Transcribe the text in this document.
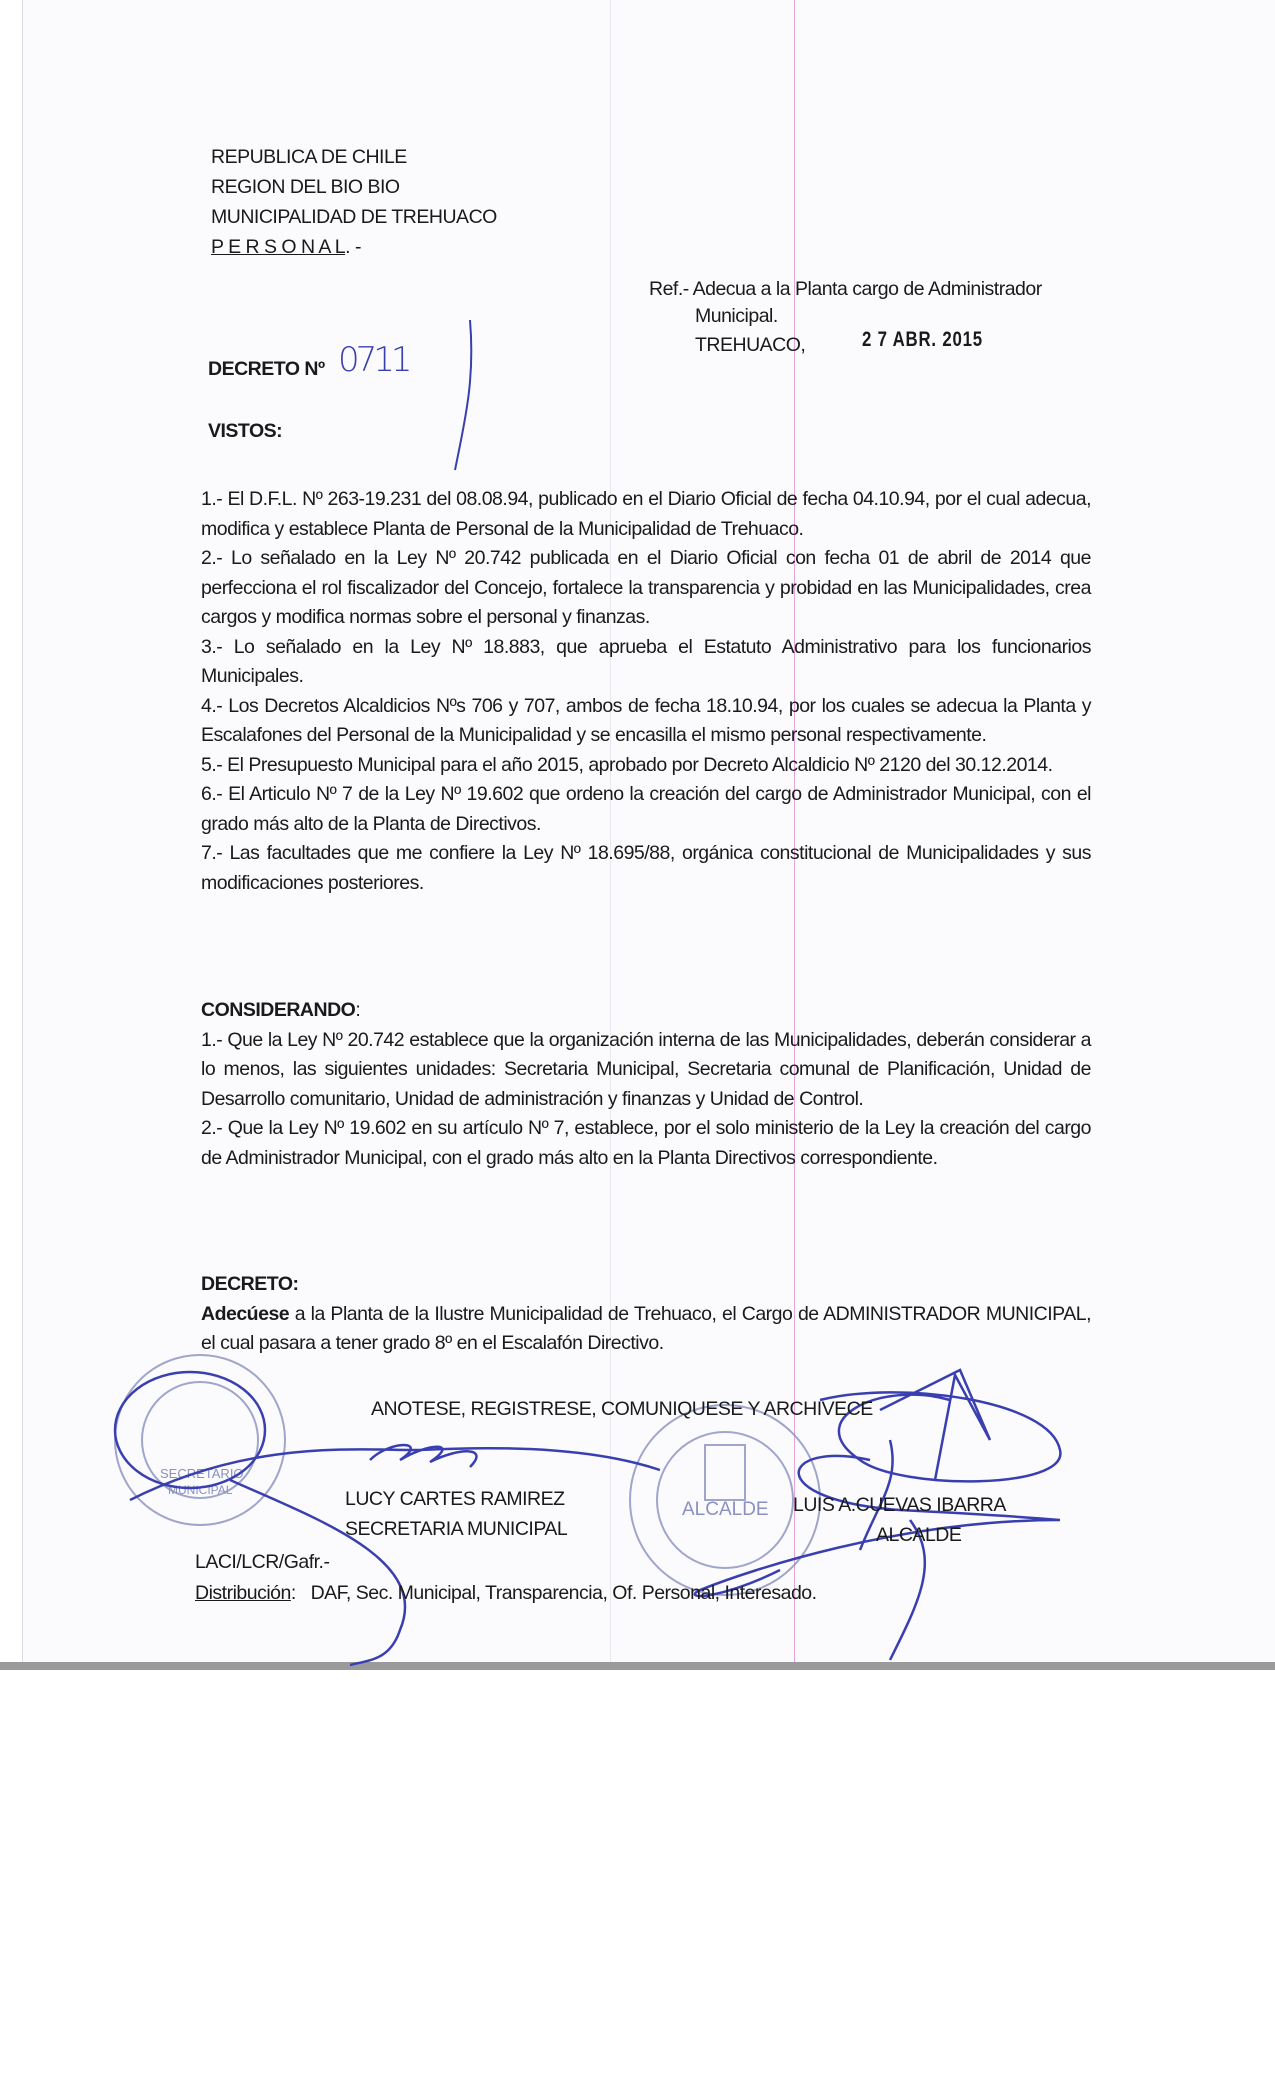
REPUBLICA DE CHILE
REGION DEL BIO BIO
MUNICIPALIDAD DE TREHUACO
P E R S O N A L. -
Ref.- Adecua a la Planta cargo de Administrador
Municipal.
TREHUACO,	2 7 ABR. 2015
DECRETO Nº 0711
VISTOS:

1.- El D.F.L. Nº 263-19.231 del 08.08.94, publicado en el Diario Oficial de fecha 04.10.94, por el cual adecua, modifica y establece Planta de Personal de la Municipalidad de Trehuaco.

2.- Lo señalado en la Ley Nº 20.742 publicada en el Diario Oficial con fecha 01 de abril de 2014 que perfecciona el rol fiscalizador del Concejo, fortalece la transparencia y probidad en las Municipalidades, crea cargos y modifica normas sobre el personal y finanzas.

3.- Lo señalado en la Ley Nº 18.883, que aprueba el Estatuto Administrativo para los funcionarios Municipales.

4.- Los Decretos Alcaldicios Nºs 706 y 707, ambos de fecha 18.10.94, por los cuales se adecua la Planta y Escalafones del Personal de la Municipalidad y se encasilla el mismo personal respectivamente.

5.- El Presupuesto Municipal para el año 2015, aprobado por Decreto Alcaldicio Nº 2120 del 30.12.2014.

6.- El Articulo Nº 7 de la Ley Nº 19.602 que ordeno la creación del cargo de Administrador Municipal, con el grado más alto de la Planta de Directivos.

7.- Las facultades que me confiere la Ley Nº 18.695/88, orgánica constitucional de Municipalidades y sus modificaciones posteriores.

CONSIDERANDO:

1.- Que la Ley Nº 20.742 establece que la organización interna de las Municipalidades, deberán considerar a lo menos, las siguientes unidades: Secretaria Municipal, Secretaria comunal de Planificación, Unidad de Desarrollo comunitario, Unidad de administración y finanzas y Unidad de Control.

2.- Que la Ley Nº 19.602 en su artículo Nº 7, establece, por el solo ministerio de la Ley la creación del cargo de Administrador Municipal, con el grado más alto en la Planta Directivos correspondiente.

DECRETO:

Adecúese a la Planta de la Ilustre Municipalidad de Trehuaco, el Cargo de ADMINISTRADOR MUNICIPAL, el cual pasara a tener grado 8º en el Escalafón Directivo.

SECRETARIO
MUNICIPAL
ALCALDE
ANOTESE, REGISTRESE, COMUNIQUESE Y ARCHIVECE
LUCY CARTES RAMIREZ
SECRETARIA MUNICIPAL
LUIS A.CUEVAS IBARRA
ALCALDE
LACI/LCR/Gafr.-
Distribución: DAF, Sec. Municipal, Transparencia, Of. Personal, Interesado.
